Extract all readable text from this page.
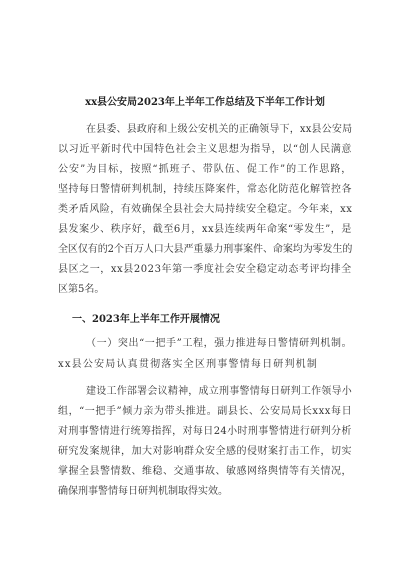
xx县公安局2023年上半年工作总结及下半年工作计划
在县委、县政府和上级公安机关的正确领导下，xx县公安局
以习近平新时代中国特色社会主义思想为指导，以“创人民满意
公安”为目标，按照“抓班子、带队伍、促工作”的工作思路，
坚持每日警情研判机制，持续压降案件，常态化防范化解管控各
类矛盾风险，有效确保全县社会大局持续安全稳定。今年来，xx
县发案少、秩序好，截至6月，xx县连续两年命案“零发生”，是
全区仅有的2个百万人口大县严重暴力刑事案件、命案均为零发生的
县区之一，xx县2023年第一季度社会安全稳定动态考评均排全
区第5名。
一、2023年上半年工作开展情况
（一）突出“一把手”工程，强力推进每日警情研判机制。
xx县公安局认真贯彻落实全区刑事警情每日研判机制
建设工作部署会议精神，成立刑事警情每日研判工作领导小
组，“一把手”倾力亲为带头推进。副县长、公安局局长xxx每日
对刑事警情进行统筹指挥，对每日24小时刑事警情进行研判分析
研究发案规律，加大对影响群众安全感的侵财案打击工作，切实
掌握全县警情数、维稳、交通事故、敏感网络舆情等有关情况，
确保刑事警情每日研判机制取得实效。
